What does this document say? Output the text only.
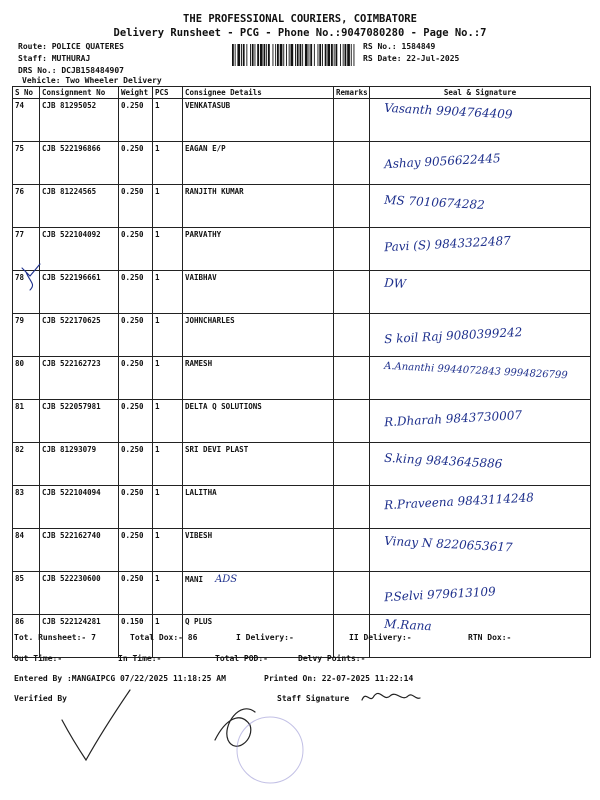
THE PROFESSIONAL COURIERS, COIMBATORE
Delivery Runsheet - PCG - Phone No.:9047080280 - Page No.:7
Route: POLICE QUATERES
Staff: MUTHURAJ
DRS No.: DCJB158484907
Vehicle: Two Wheeler Delivery
RS No.: 1584849
RS Date: 22-Jul-2025
S No	Consignment No	Weight	PCS	Consignee Details	Remarks	Seal & Signature
74	CJB 81295052	0.250	1	VENKATASUB		Vasanth 9904764409

75	CJB 522196866	0.250	1	EAGAN E/P		Ashay 9056622445

76	CJB 81224565	0.250	1	RANJITH KUMAR		MS 7010674282

77	CJB 522104092	0.250	1	PARVATHY		Pavi (S) 9843322487

78	CJB 522196661	0.250	1	VAIBHAV		DW

79	CJB 522170625	0.250	1	JOHNCHARLES		S koil Raj 9080399242

80	CJB 522162723	0.250	1	RAMESH		A.Ananthi 9944072843 9994826799

81	CJB 522057981	0.250	1	DELTA Q SOLUTIONS		R.Dharah 9843730007

82	CJB 81293079	0.250	1	SRI DEVI PLAST		S.king 9843645886

83	CJB 522104094	0.250	1	LALITHA		R.Praveena 9843114248

84	CJB 522162740	0.250	1	VIBESH		Vinay N 8220653617

85	CJB 522230600	0.250	1	MANI ADS		P.Selvi 979613109

86	CJB 522124281	0.150	1	Q PLUS		M.Rana
Tot. Runsheet:- 7	Total Dox:- 86	I Delivery:-	II Delivery:-	RTN Dox:-
Out Time:-	In Time:-	Total POD:-	Delvy Points:-
Entered By :MANGAIPCG 07/22/2025 11:18:25 AM	Printed On: 22-07-2025 11:22:14
Verified By	Staff Signature
